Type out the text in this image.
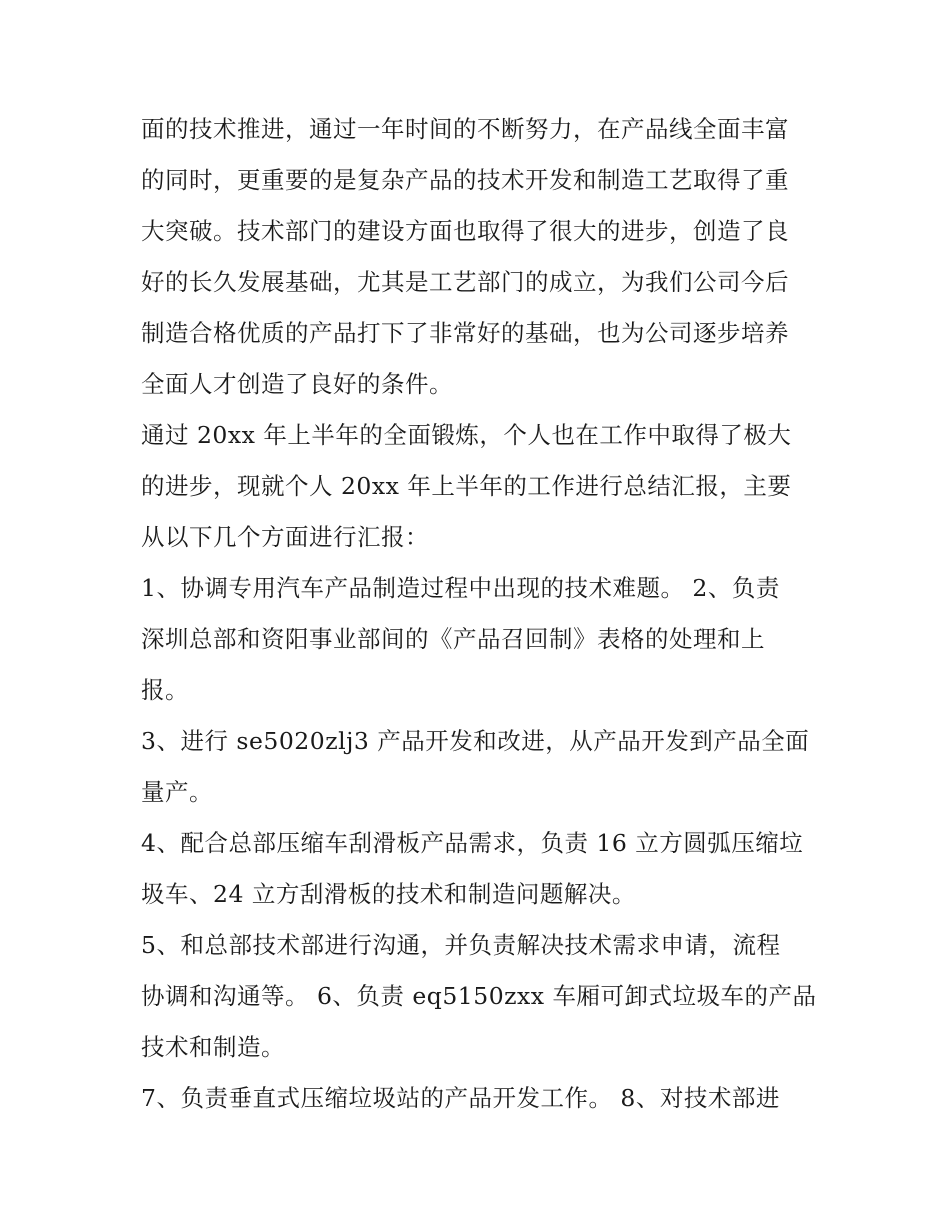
面的技术推进，通过一年时间的不断努力，在产品线全面丰富
的同时，更重要的是复杂产品的技术开发和制造工艺取得了重
大突破。技术部门的建设方面也取得了很大的进步，创造了良
好的长久发展基础，尤其是工艺部门的成立，为我们公司今后
制造合格优质的产品打下了非常好的基础，也为公司逐步培养
全面人才创造了良好的条件。

通过 20xx 年上半年的全面锻炼，个人也在工作中取得了极大
的进步，现就个人 20xx 年上半年的工作进行总结汇报，主要
从以下几个方面进行汇报：

1、协调专用汽车产品制造过程中出现的技术难题。 2、负责
深圳总部和资阳事业部间的《产品召回制》表格的处理和上
报。

3、进行 se5020zlj3 产品开发和改进，从产品开发到产品全面
量产。

4、配合总部压缩车刮滑板产品需求，负责 16 立方圆弧压缩垃
圾车、24 立方刮滑板的技术和制造问题解决。

5、和总部技术部进行沟通，并负责解决技术需求申请，流程
协调和沟通等。 6、负责 eq5150zxx 车厢可卸式垃圾车的产品
技术和制造。

7、负责垂直式压缩垃圾站的产品开发工作。 8、对技术部进
